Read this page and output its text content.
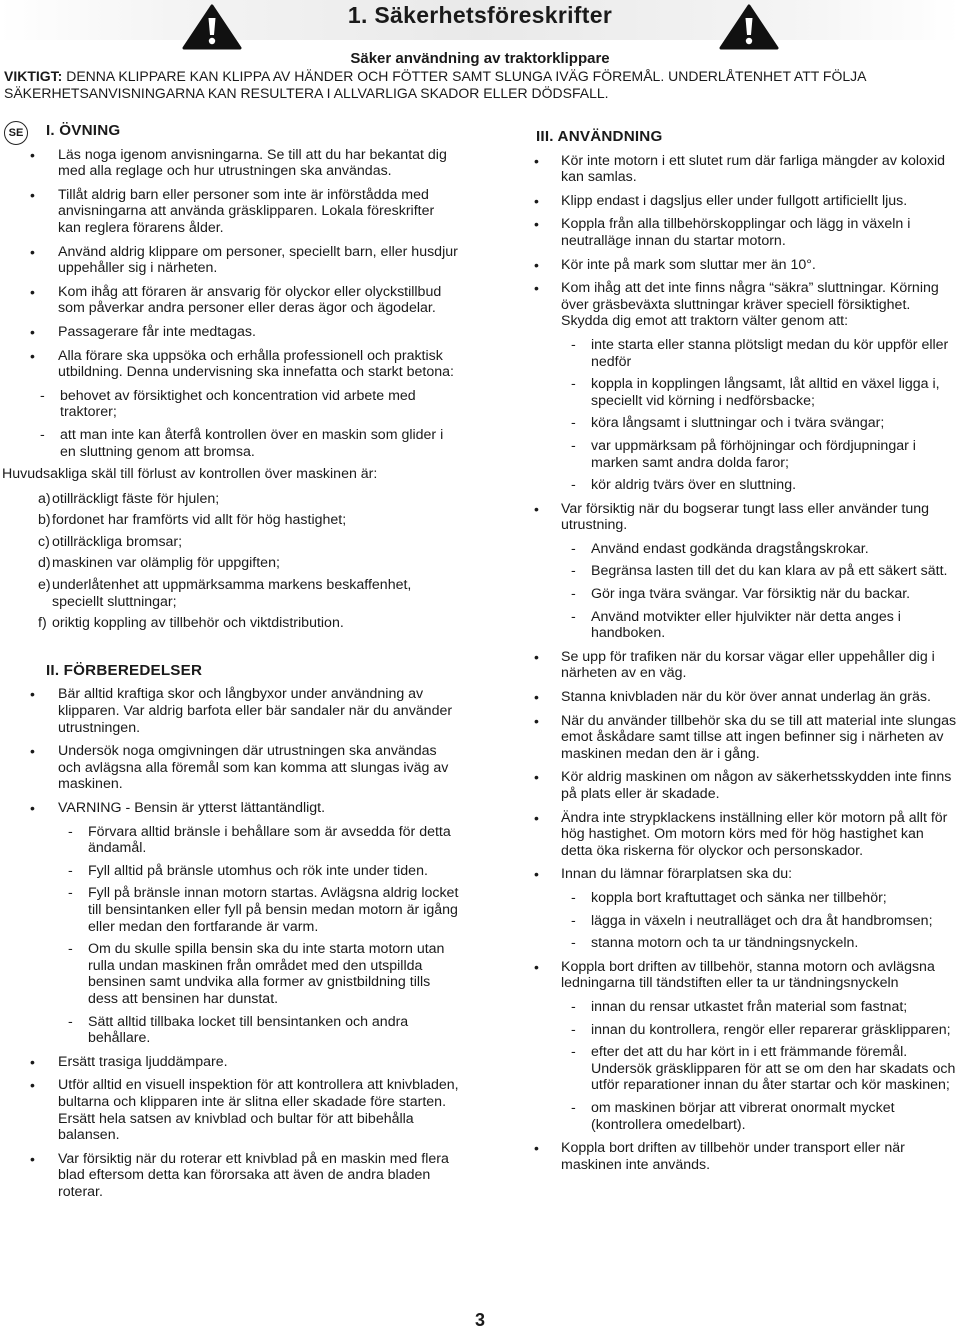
1. Säkerhetsföreskrifter
Säker användning av traktorklippare
VIKTIGT: DENNA KLIPPARE KAN KLIPPA AV HÄNDER OCH FÖTTER SAMT SLUNGA IVÄG FÖREMÅL. UNDERLÅTENHET ATT FÖLJA SÄKERHETSANVISNINGARNA KAN RESULTERA I ALLVARLIGA SKADOR ELLER DÖDSFALL.
SE	I. ÖVNING
• Läs noga igenom anvisningarna. Se till att du har bekantat dig med alla reglage och hur utrustningen ska användas.
• Tillåt aldrig barn eller personer som inte är införstådda med anvisningarna att använda gräsklipparen. Lokala föreskrifter kan reglera förarens ålder.
• Använd aldrig klippare om personer, speciellt barn, eller husdjur uppehåller sig i närheten.
• Kom ihåg att föraren är ansvarig för olyckor eller olyckstillbud som påverkar andra personer eller deras ägor och ägodelar.
• Passagerare får inte medtagas.
• Alla förare ska uppsöka och erhålla professionell och praktisk utbildning. Denna undervisning ska innefatta och starkt betona:
- behovet av försiktighet och koncentration vid arbete med traktorer;
- att man inte kan återfå kontrollen över en maskin som glider i en sluttning genom att bromsa.
Huvudsakliga skäl till förlust av kontrollen över maskinen är:
a) otillräckligt fäste för hjulen;
b) fordonet har framförts vid allt för hög hastighet;
c) otillräckliga bromsar;
d) maskinen var olämplig för uppgiften;
e) underlåtenhet att uppmärksamma markens beskaffenhet, speciellt sluttningar;
f) oriktig koppling av tillbehör och viktdistribution.
II. FÖRBEREDELSER
• Bär alltid kraftiga skor och långbyxor under användning av klipparen. Var aldrig barfota eller bär sandaler när du använder utrustningen.
• Undersök noga omgivningen där utrustningen ska användas och avlägsna alla föremål som kan komma att slungas iväg av maskinen.
• VARNING - Bensin är ytterst lättantändligt.
- Förvara alltid bränsle i behållare som är avsedda för detta ändamål.
- Fyll alltid på bränsle utomhus och rök inte under tiden.
- Fyll på bränsle innan motorn startas. Avlägsna aldrig locket till bensintanken eller fyll på bensin medan motorn är igång eller medan den fortfarande är varm.
- Om du skulle spilla bensin ska du inte starta motorn utan rulla undan maskinen från området med den utspillda bensinen samt undvika alla former av gnistbildning tills dess att bensinen har dunstat.
- Sätt alltid tillbaka locket till bensintanken och andra behållare.
• Ersätt trasiga ljuddämpare.
• Utför alltid en visuell inspektion för att kontrollera att knivbladen, bultarna och klipparen inte är slitna eller skadade före starten. Ersätt hela satsen av knivblad och bultar för att bibehålla balansen.
• Var försiktig när du roterar ett knivblad på en maskin med flera blad eftersom detta kan förorsaka att även de andra bladen roterar.
III. ANVÄNDNING
• Kör inte motorn i ett slutet rum där farliga mängder av koloxid kan samlas.
• Klipp endast i dagsljus eller under fullgott artificiellt ljus.
• Koppla från alla tillbehörskopplingar och lägg in växeln i neutralläge innan du startar motorn.
• Kör inte på mark som sluttar mer än 10°.
• Kom ihåg att det inte finns några “säkra” sluttningar. Körning över gräsbeväxta sluttningar kräver speciell försiktighet. Skydda dig emot att traktorn välter genom att:
- inte starta eller stanna plötsligt medan du kör uppför eller nedför
- koppla in kopplingen långsamt, låt alltid en växel ligga i, speciellt vid körning i nedförsbacke;
- köra långsamt i sluttningar och i tvära svängar;
- var uppmärksam på förhöjningar och fördjupningar i marken samt andra dolda faror;
- kör aldrig tvärs över en sluttning.
• Var försiktig när du bogserar tungt lass eller använder tung utrustning.
- Använd endast godkända dragstångskrokar.
- Begränsa lasten till det du kan klara av på ett säkert sätt.
- Gör inga tvära svängar. Var försiktig när du backar.
- Använd motvikter eller hjulvikter när detta anges i handboken.
• Se upp för trafiken när du korsar vägar eller uppehåller dig i närheten av en väg.
• Stanna knivbladen när du kör över annat underlag än gräs.
• När du använder tillbehör ska du se till att material inte slungas emot åskådare samt tillse att ingen befinner sig i närheten av maskinen medan den är i gång.
• Kör aldrig maskinen om någon av säkerhetsskydden inte finns på plats eller är skadade.
• Ändra inte strypklackens inställning eller kör motorn på allt för hög hastighet. Om motorn körs med för hög hastighet kan detta öka riskerna för olyckor och personskador.
• Innan du lämnar förarplatsen ska du:
- koppla bort kraftuttaget och sänka ner tillbehör;
- lägga in växeln i neutralläget och dra åt handbromsen;
- stanna motorn och ta ur tändningsnyckeln.
• Koppla bort driften av tillbehör, stanna motorn och avlägsna ledningarna till tändstiften eller ta ur tändningsnyckeln
- innan du rensar utkastet från material som fastnat;
- innan du kontrollera, rengör eller reparerar gräsklipparen;
- efter det att du har kört in i ett främmande föremål. Undersök gräsklipparen för att se om den har skadats och utför reparationer innan du åter startar och kör maskinen;
- om maskinen börjar att vibrerat onormalt mycket (kontrollera omedelbart).
• Koppla bort driften av tillbehör under transport eller när maskinen inte används.
3
